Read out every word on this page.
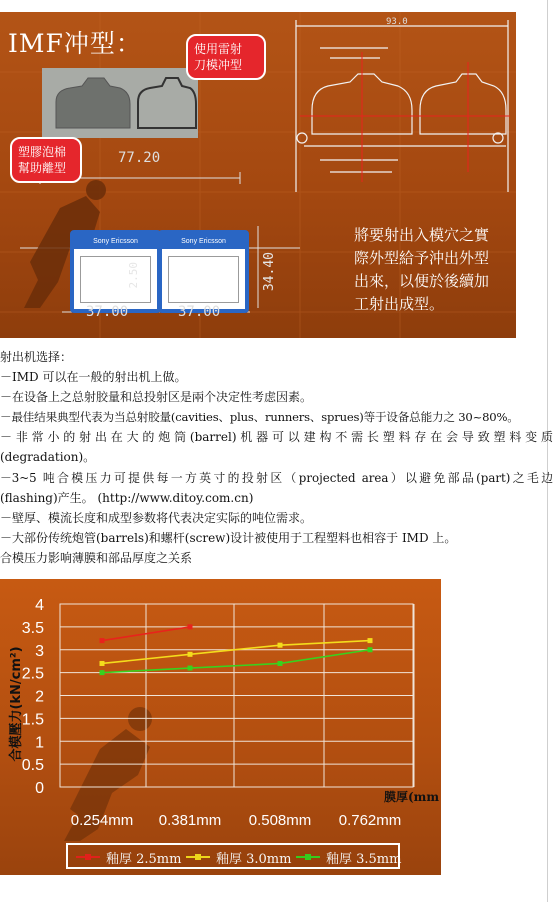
IMF冲型：	使用雷射
刀模冲型
塑膠泡棉
幫助離型
77.20
93.0
Sony Ericsson	Sony Ericsson
2.50	34.40
37.00	37.00
將要射出入模穴之實
際外型給予沖出外型
出來，以便於後續加
工射出成型。
射出机选择：
－IMD 可以在一般的射出机上做。
－在设备上之总射胶量和总投射区是兩个决定性考虑因素。
－最佳结果典型代表为当总射胶量(cavities、plus、runners、sprues)等于设备总能力之 30~80%。
－非常小的射出在大的炮筒(barrel)机器可以建构不需长塑料存在会导致塑料变质
(degradation)。
－3~5 吨合模压力可提供每一方英寸的投射区（projected area）以避免部品(part)之毛边
(flashing)产生。 (http://www.ditoy.com.cn)
－壁厚、模流长度和成型参数将代表决定实际的吨位需求。
－大部份传统炮管(barrels)和螺杆(screw)设计被使用于工程塑料也相容于 IMD 上。
合模压力影响薄膜和部品厚度之关系
4
3.5
3
2.5
2
1.5
1
0.5
0
0.254mm 0.381mm 0.508mm 0.762mm
合模壓力(kN/cm²)
膜厚(mm
釉厚 2.5mm	釉厚 3.0mm	釉厚 3.5mm
